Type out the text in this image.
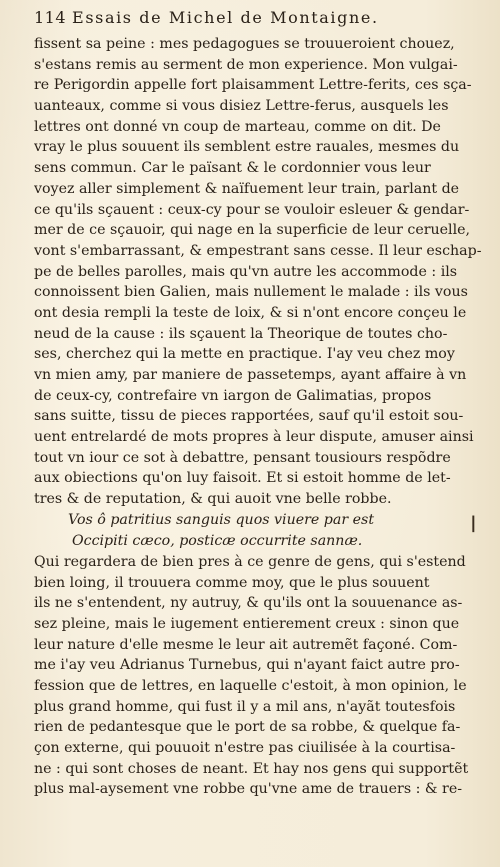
114 Essais de Michel de Montaigne.
fissent sa peine : mes pedagogues se trouueroient chouez,
s'estans remis au serment de mon experience. Mon vulgai-
re Perigordin appelle fort plaisamment Lettre-ferits, ces sça-
uanteaux, comme si vous disiez Lettre-ferus, ausquels les
lettres ont donné vn coup de marteau, comme on dit. De
vray le plus souuent ils semblent estre rauales, mesmes du
sens commun. Car le païsant & le cordonnier vous leur
voyez aller simplement & naïfuement leur train, parlant de
ce qu'ils sçauent : ceux-cy pour se vouloir esleuer & gendar-
mer de ce sçauoir, qui nage en la superficie de leur ceruelle,
vont s'embarrassant, & empestrant sans cesse. Il leur eschap-
pe de belles parolles, mais qu'vn autre les accommode : ils
connoissent bien Galien, mais nullement le malade : ils vous
ont desia rempli la teste de loix, & si n'ont encore conçeu le
neud de la cause : ils sçauent la Theorique de toutes cho-
ses, cherchez qui la mette en practique. I'ay veu chez moy
vn mien amy, par maniere de passetemps, ayant affaire à vn
de ceux-cy, contrefaire vn iargon de Galimatias, propos
sans suitte, tissu de pieces rapportées, sauf qu'il estoit sou-
uent entrelardé de mots propres à leur dispute, amuser ainsi
tout vn iour ce sot à debattre, pensant tousiours respõdre
aux obiections qu'on luy faisoit. Et si estoit homme de let-
tres & de reputation, & qui auoit vne belle robbe.
Vos ô patritius sanguis quos viuere par est
Occipiti cæco, posticæ occurrite sannæ.
Qui regardera de bien pres à ce genre de gens, qui s'estend
bien loing, il trouuera comme moy, que le plus souuent
ils ne s'entendent, ny autruy, & qu'ils ont la souuenance as-
sez pleine, mais le iugement entierement creux : sinon que
leur nature d'elle mesme le leur ait autremẽt façoné. Com-
me i'ay veu Adrianus Turnebus, qui n'ayant faict autre pro-
fession que de lettres, en laquelle c'estoit, à mon opinion, le
plus grand homme, qui fust il y a mil ans, n'ayãt toutesfois
rien de pedantesque que le port de sa robbe, & quelque fa-
çon externe, qui pouuoit n'estre pas ciuilisée à la courtisa-
ne : qui sont choses de neant. Et hay nos gens qui supportẽt
plus mal-aysement vne robbe qu'vne ame de trauers : & re-
❘
